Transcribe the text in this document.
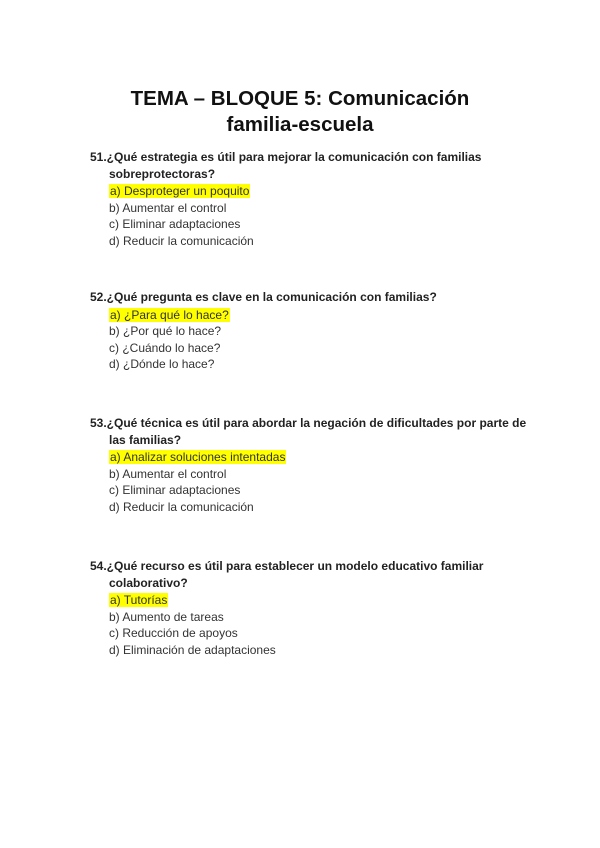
TEMA – BLOQUE 5: Comunicación
familia-escuela
51.¿Qué estrategia es útil para mejorar la comunicación con familias sobreprotectoras?
a) Desproteger un poquito
b) Aumentar el control
c) Eliminar adaptaciones
d) Reducir la comunicación
52.¿Qué pregunta es clave en la comunicación con familias?
a) ¿Para qué lo hace?
b) ¿Por qué lo hace?
c) ¿Cuándo lo hace?
d) ¿Dónde lo hace?
53.¿Qué técnica es útil para abordar la negación de dificultades por parte de las familias?
a) Analizar soluciones intentadas
b) Aumentar el control
c) Eliminar adaptaciones
d) Reducir la comunicación
54.¿Qué recurso es útil para establecer un modelo educativo familiar colaborativo?
a) Tutorías
b) Aumento de tareas
c) Reducción de apoyos
d) Eliminación de adaptaciones
